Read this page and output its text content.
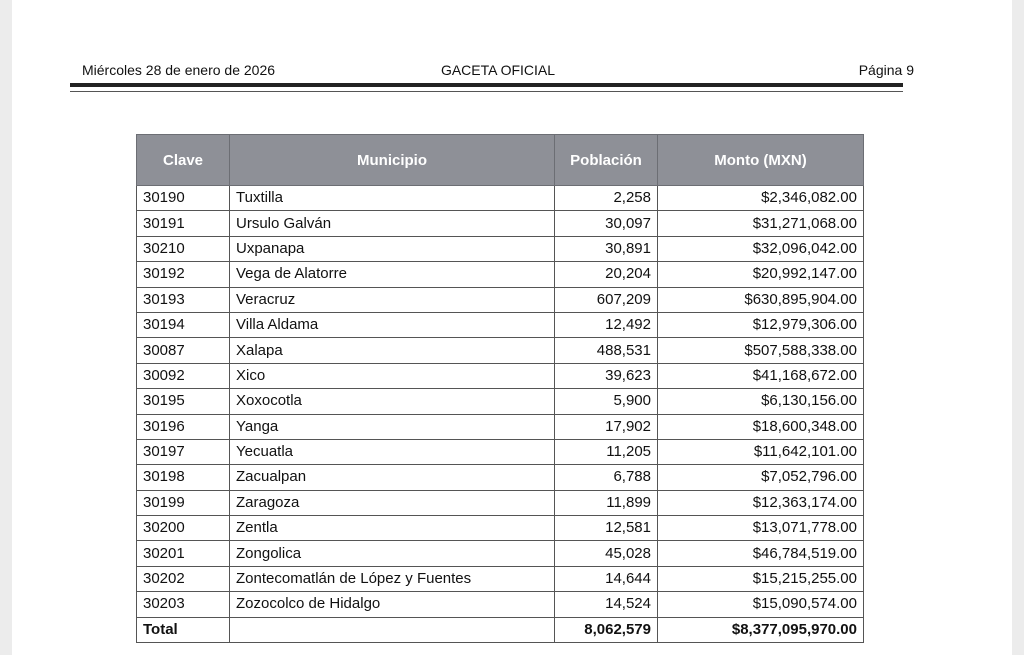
Miércoles 28 de enero de 2026	GACETA OFICIAL	Página 9
Clave	Municipio	Población	Monto (MXN)
30190	Tuxtilla	2,258	$2,346,082.00
30191	Ursulo Galván	30,097	$31,271,068.00
30210	Uxpanapa	30,891	$32,096,042.00
30192	Vega de Alatorre	20,204	$20,992,147.00
30193	Veracruz	607,209	$630,895,904.00
30194	Villa Aldama	12,492	$12,979,306.00
30087	Xalapa	488,531	$507,588,338.00
30092	Xico	39,623	$41,168,672.00
30195	Xoxocotla	5,900	$6,130,156.00
30196	Yanga	17,902	$18,600,348.00
30197	Yecuatla	11,205	$11,642,101.00
30198	Zacualpan	6,788	$7,052,796.00
30199	Zaragoza	11,899	$12,363,174.00
30200	Zentla	12,581	$13,071,778.00
30201	Zongolica	45,028	$46,784,519.00
30202	Zontecomatlán de López y Fuentes	14,644	$15,215,255.00
30203	Zozocolco de Hidalgo	14,524	$15,090,574.00
Total		8,062,579	$8,377,095,970.00
